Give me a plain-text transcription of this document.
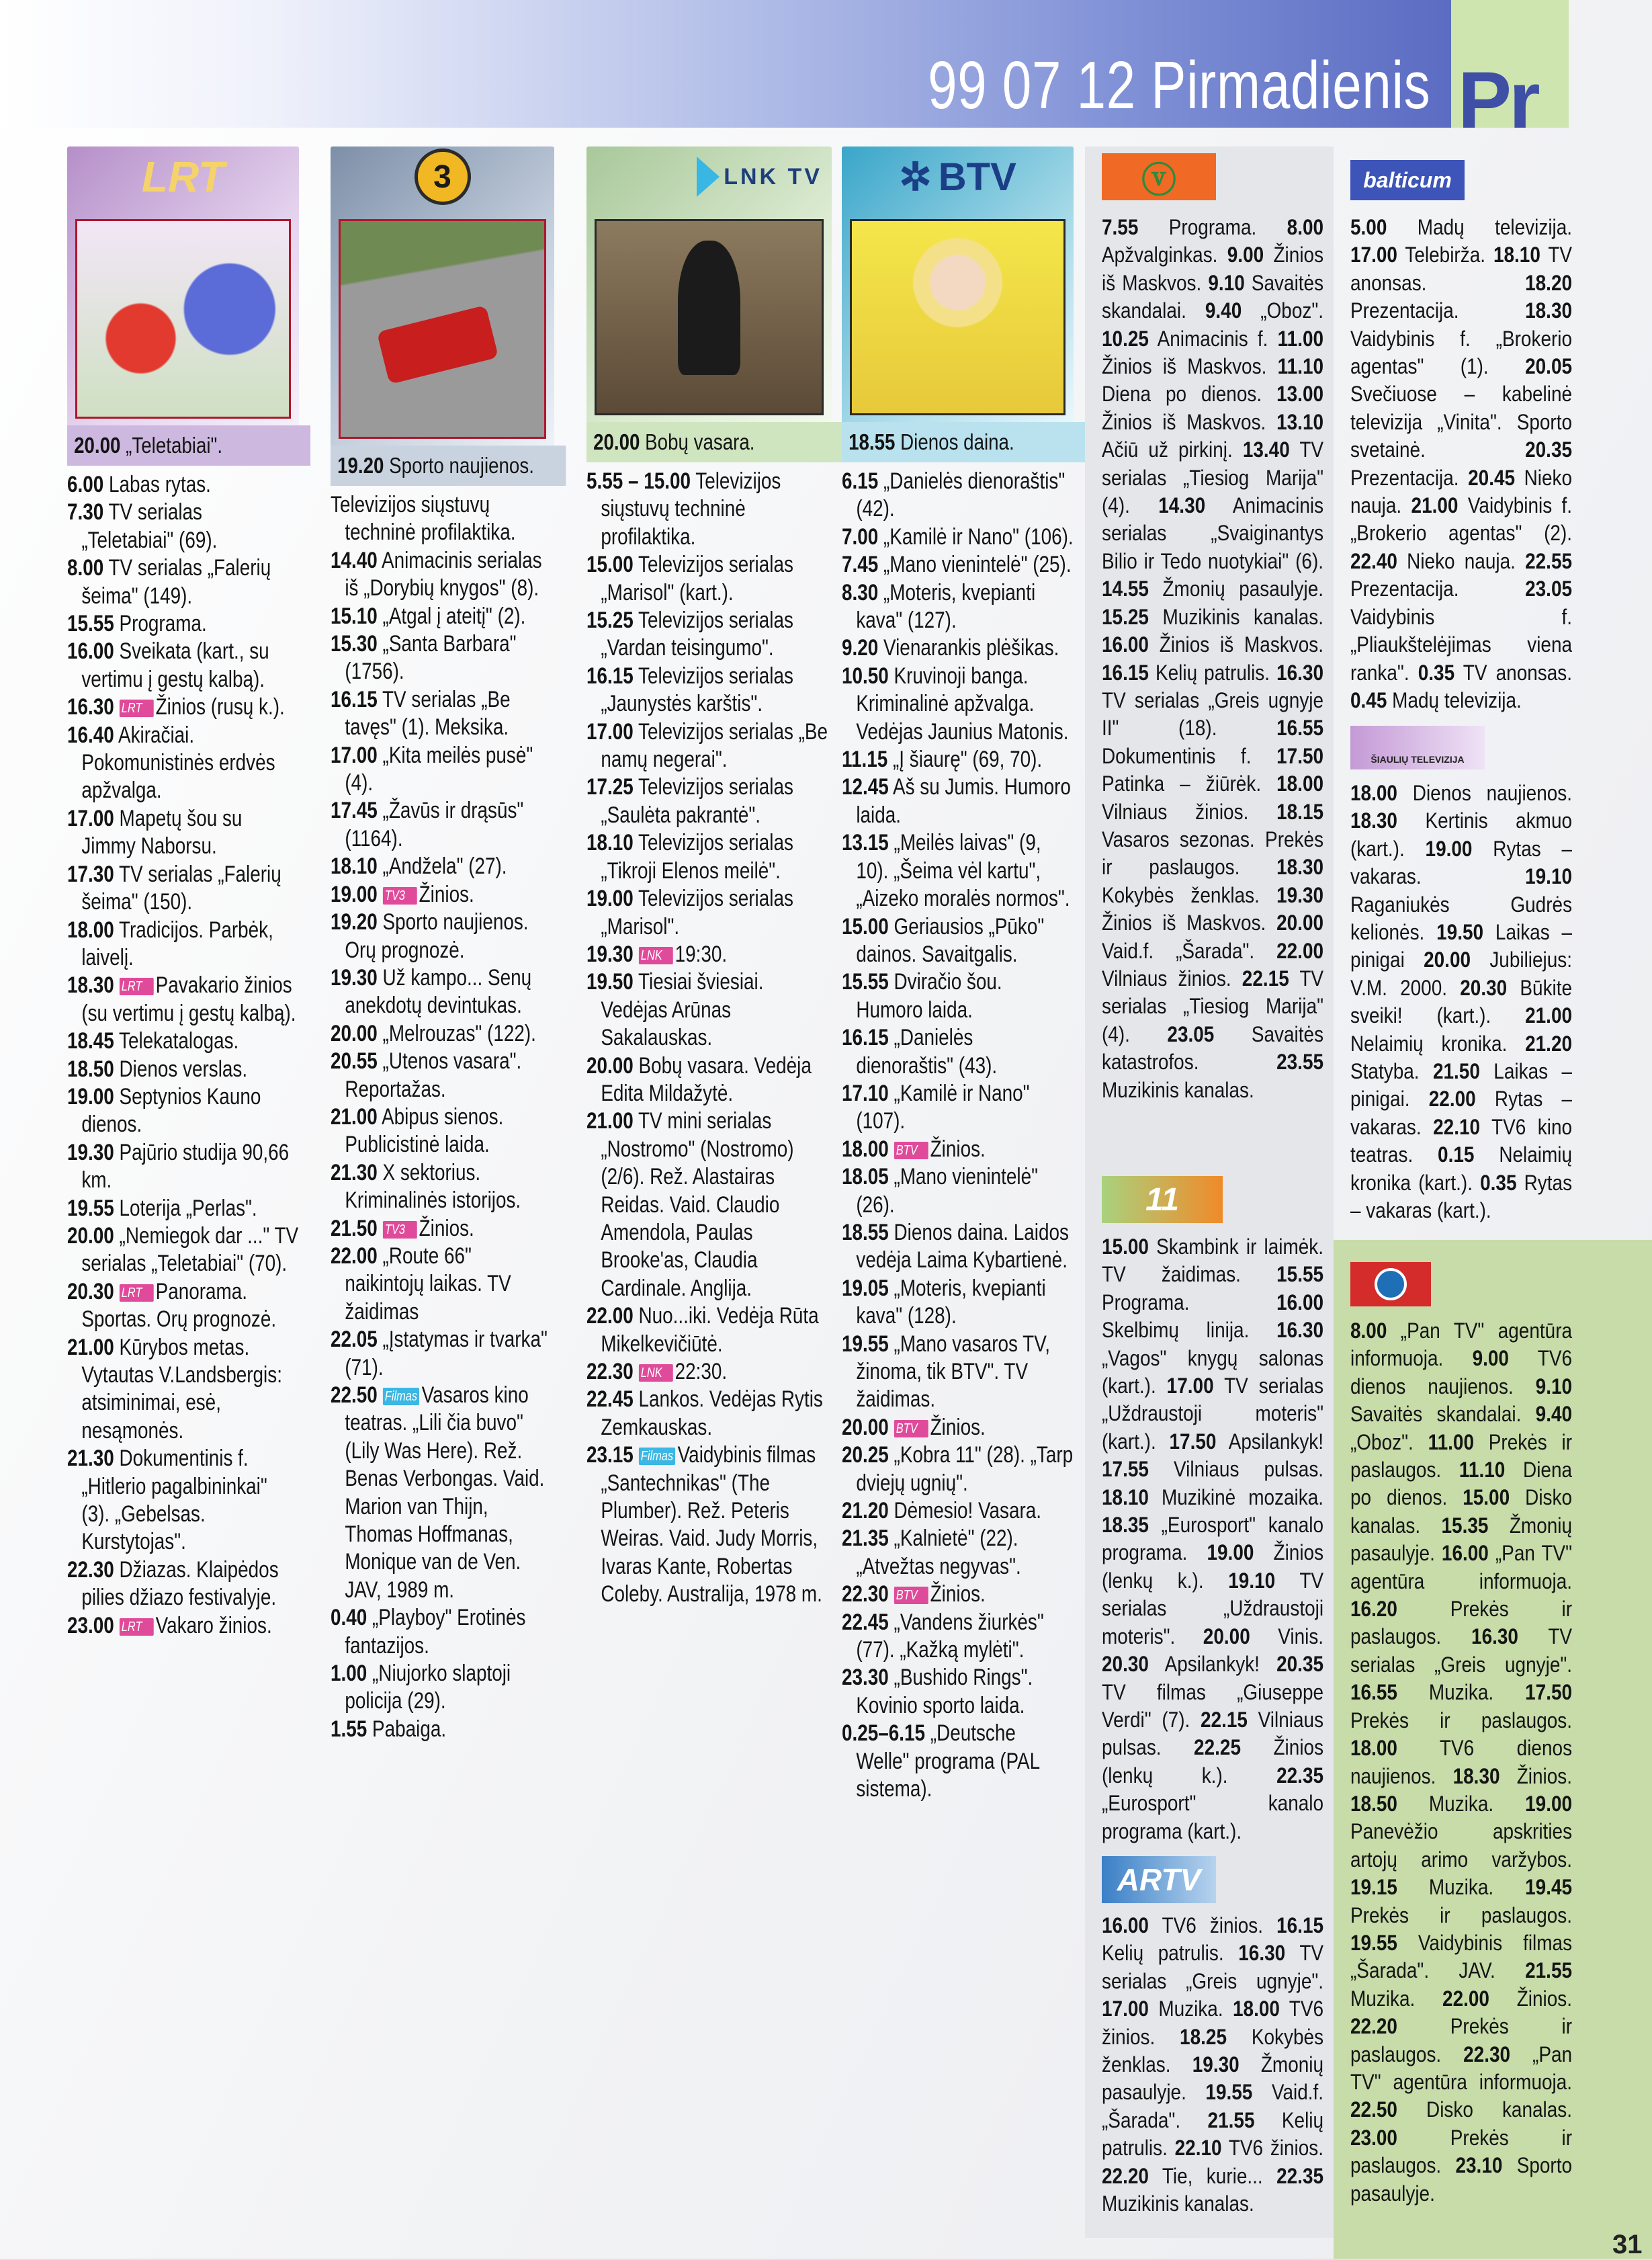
99 07 12 Pirmadienis Pr
LRT
20.00 „Teletabiai".
6.00 Labas rytas.
7.30 TV serialas „Teletabiai" (69).
8.00 TV serialas „Falerių šeima" (149).
15.55 Programa.
16.00 Sveikata (kart., su vertimu į gestų kalbą).
16.30 LRT Žinios (rusų k.).
16.40 Akiračiai. Pokomunistinės erdvės apžvalga.
17.00 Mapetų šou su Jimmy Naborsu.
17.30 TV serialas „Falerių šeima" (150).
18.00 Tradicijos. Parbėk, laivelį.
18.30 LRT Pavakario žinios (su vertimu į gestų kalbą).
18.45 Telekatalogas.
18.50 Dienos verslas.
19.00 Septynios Kauno dienos.
19.30 Pajūrio studija 90,66 km.
19.55 Loterija „Perlas".
20.00 „Nemiegok dar ..." TV serialas „Teletabiai" (70).
20.30 LRT Panorama. Sportas. Orų prognozė.
21.00 Kūrybos metas. Vytautas V.Landsbergis: atsiminimai, esė, nesąmonės.
21.30 Dokumentinis f. „Hitlerio pagalbininkai" (3). „Gebelsas. Kurstytojas".
22.30 Džiazas. Klaipėdos pilies džiazo festivalyje.
23.00 LRT Vakaro žinios.
3
19.20 Sporto naujienos.
Televizijos siųstuvų techninė profilaktika.
14.40 Animacinis serialas iš „Dorybių knygos" (8).
15.10 „Atgal į ateitį" (2).
15.30 „Santa Barbara" (1756).
16.15 TV serialas „Be tavęs" (1). Meksika.
17.00 „Kita meilės pusė" (4).
17.45 „Žavūs ir drąsūs" (1164).
18.10 „Andžela" (27).
19.00 TV3 Žinios.
19.20 Sporto naujienos. Orų prognozė.
19.30 Už kampo... Senų anekdotų devintukas.
20.00 „Melrouzas" (122).
20.55 „Utenos vasara". Reportažas.
21.00 Abipus sienos. Publicistinė laida.
21.30 X sektorius. Kriminalinės istorijos.
21.50 TV3 Žinios.
22.00 „Route 66" naikintojų laikas. TV žaidimas
22.05 „Įstatymas ir tvarka" (71).
22.50 Filmas Vasaros kino teatras. „Lili čia buvo" (Lily Was Here). Rež. Benas Verbongas. Vaid. Marion van Thijn, Thomas Hoffmanas, Monique van de Ven. JAV, 1989 m.
0.40 „Playboy" Erotinės fantazijos.
1.00 „Niujorko slaptoji policija (29).
1.55 Pabaiga.
LNK TV
20.00 Bobų vasara.
5.55 – 15.00 Televizijos siųstuvų techninė profilaktika.
15.00 Televizijos serialas „Marisol" (kart.).
15.25 Televizijos serialas „Vardan teisingumo".
16.15 Televizijos serialas „Jaunystės karštis".
17.00 Televizijos serialas „Be namų negerai".
17.25 Televizijos serialas „Saulėta pakrantė".
18.10 Televizijos serialas „Tikroji Elenos meilė".
19.00 Televizijos serialas „Marisol".
19.30 LNK 19:30.
19.50 Tiesiai šviesiai. Vedėjas Arūnas Sakalauskas.
20.00 Bobų vasara. Vedėja Edita Mildažytė.
21.00 TV mini serialas „Nostromo" (Nostromo) (2/6). Rež. Alastairas Reidas. Vaid. Claudio Amendola, Paulas Brooke'as, Claudia Cardinale. Anglija.
22.00 Nuo...iki. Vedėja Rūta Mikelkevičiūtė.
22.30 LNK 22:30.
22.45 Lankos. Vedėjas Rytis Zemkauskas.
23.15 Filmas Vaidybinis filmas „Santechnikas" (The Plumber). Rež. Peteris Weiras. Vaid. Judy Morris, Ivaras Kante, Robertas Coleby. Australija, 1978 m.
✲ BTV
18.55 Dienos daina.
6.15 „Danielės dienoraštis" (42).
7.00 „Kamilė ir Nano" (106).
7.45 „Mano vienintelė" (25).
8.30 „Moteris, kvepianti kava" (127).
9.20 Vienarankis plėšikas.
10.50 Kruvinoji banga. Kriminalinė apžvalga. Vedėjas Jaunius Matonis.
11.15 „Į šiaurę" (69, 70).
12.45 Aš su Jumis. Humoro laida.
13.15 „Meilės laivas" (9, 10). „Šeima vėl kartu", „Aizeko moralės normos".
15.00 Geriausios „Pūko" dainos. Savaitgalis.
15.55 Dviračio šou. Humoro laida.
16.15 „Danielės dienoraštis" (43).
17.10 „Kamilė ir Nano" (107).
18.00 BTV Žinios.
18.05 „Mano vienintelė" (26).
18.55 Dienos daina. Laidos vedėja Laima Kybartienė.
19.05 „Moteris, kvepianti kava" (128).
19.55 „Mano vasaros TV, žinoma, tik BTV". TV žaidimas.
20.00 BTV Žinios.
20.25 „Kobra 11" (28). „Tarp dviejų ugnių".
21.20 Dėmesio! Vasara.
21.35 „Kalnietė" (22). „Atvežtas negyvas".
22.30 BTV Žinios.
22.45 „Vandens žiurkės" (77). „Kažką mylėti".
23.30 „Bushido Rings". Kovinio sporto laida.
0.25–6.15 „Deutsche Welle" programa (PAL sistema).
ⓥ
7.55 Programa. 8.00 Apžvalginkas. 9.00 Žinios iš Maskvos. 9.10 Savaitės skandalai. 9.40 „Oboz". 10.25 Animacinis f. 11.00 Žinios iš Maskvos. 11.10 Diena po dienos. 13.00 Žinios iš Maskvos. 13.10 Ačiū už pirkinį. 13.40 TV serialas „Tiesiog Marija" (4). 14.30 Animacinis serialas „Svaiginantys Bilio ir Tedo nuotykiai" (6). 14.55 Žmonių pasaulyje. 15.25 Muzikinis kanalas. 16.00 Žinios iš Maskvos. 16.15 Kelių patrulis. 16.30 TV serialas „Greis ugnyje II" (18).	16.55 Dokumentinis f. 17.50 Patinka – žiūrėk. 18.00 Vilniaus žinios. 18.15 Vasaros sezonas. Prekės ir paslaugos. 18.30 Kokybės ženklas. 19.30 Žinios iš Maskvos. 20.00 Vaid.f. „Šarada". 22.00 Vilniaus žinios. 22.15 TV serialas „Tiesiog Marija" (4). 23.05 Savaitės katastrofos.	23.55 Muzikinis kanalas.
11
15.00 Skambink ir laimėk. TV žaidimas. 15.55 Programa.	16.00 Skelbimų linija. 16.30 „Vagos" knygų salonas (kart.). 17.00 TV serialas „Uždraustoji moteris" (kart.). 17.50 Apsilankyk! 17.55 Vilniaus pulsas. 18.10 Muzikinė mozaika. 18.35 „Eurosport" kanalo programa. 19.00 Žinios (lenkų k.). 19.10 TV serialas „Uždraustoji moteris". 20.00 Vinis. 20.30 Apsilankyk! 20.35 TV filmas „Giuseppe Verdi" (7). 22.15 Vilniaus pulsas. 22.25 Žinios (lenkų k.). 22.35 „Eurosport" kanalo programa (kart.).
ARTV
16.00 TV6 žinios. 16.15 Kelių patrulis. 16.30 TV serialas „Greis ugnyje". 17.00 Muzika. 18.00 TV6 žinios. 18.25 Kokybės ženklas. 19.30 Žmonių pasaulyje. 19.55 Vaid.f. „Šarada". 21.55 Kelių patrulis. 22.10 TV6 žinios. 22.20 Tie, kurie... 22.35 Muzikinis kanalas.
balticum
5.00 Madų televizija. 17.00 Telebirža. 18.10 TV anonsas.	18.20 Prezentacija.	18.30 Vaidybinis f. „Brokerio agentas" (1). 20.05 Svečiuose – kabelinė televizija „Vinita". Sporto svetainė.	20.35 Prezentacija. 20.45 Nieko nauja. 21.00 Vaidybinis f. „Brokerio agentas" (2). 22.40 Nieko nauja. 22.55 Prezentacija.	23.05 Vaidybinis f. „Pliaukštelėjimas viena ranka". 0.35 TV anonsas. 0.45 Madų televizija.
ŠIAULIŲ TELEVIZIJA
18.00 Dienos naujienos. 18.30 Kertinis akmuo (kart.). 19.00 Rytas – vakaras.	19.10 Raganiukės Gudrės kelionės. 19.50 Laikas – pinigai 20.00 Jubiliejus: V.M. 2000. 20.30 Būkite sveiki! (kart.). 21.00 Nelaimių kronika. 21.20 Statyba. 21.50 Laikas – pinigai. 22.00 Rytas – vakaras. 22.10 TV6 kino teatras. 0.15 Nelaimių kronika (kart.). 0.35 Rytas – vakaras (kart.).
8.00 „Pan TV" agentūra informuoja. 9.00 TV6 dienos naujienos. 9.10 Savaitės skandalai. 9.40 „Oboz". 11.00 Prekės ir paslaugos. 11.10 Diena po dienos. 15.00 Disko kanalas. 15.35 Žmonių pasaulyje. 16.00 „Pan TV" agentūra informuoja. 16.20 Prekės ir paslaugos. 16.30 TV serialas „Greis ugnyje". 16.55 Muzika. 17.50 Prekės ir paslaugos. 18.00 TV6 dienos naujienos. 18.30 Žinios. 18.50 Muzika. 19.00 Panevėžio apskrities artojų arimo varžybos. 19.15 Muzika. 19.45 Prekės ir paslaugos. 19.55 Vaidybinis filmas „Šarada". JAV. 21.55 Muzika. 22.00 Žinios. 22.20 Prekės ir paslaugos. 22.30 „Pan TV" agentūra informuoja. 22.50 Disko kanalas. 23.00 Prekės ir paslaugos. 23.10 Sporto pasaulyje.
31
